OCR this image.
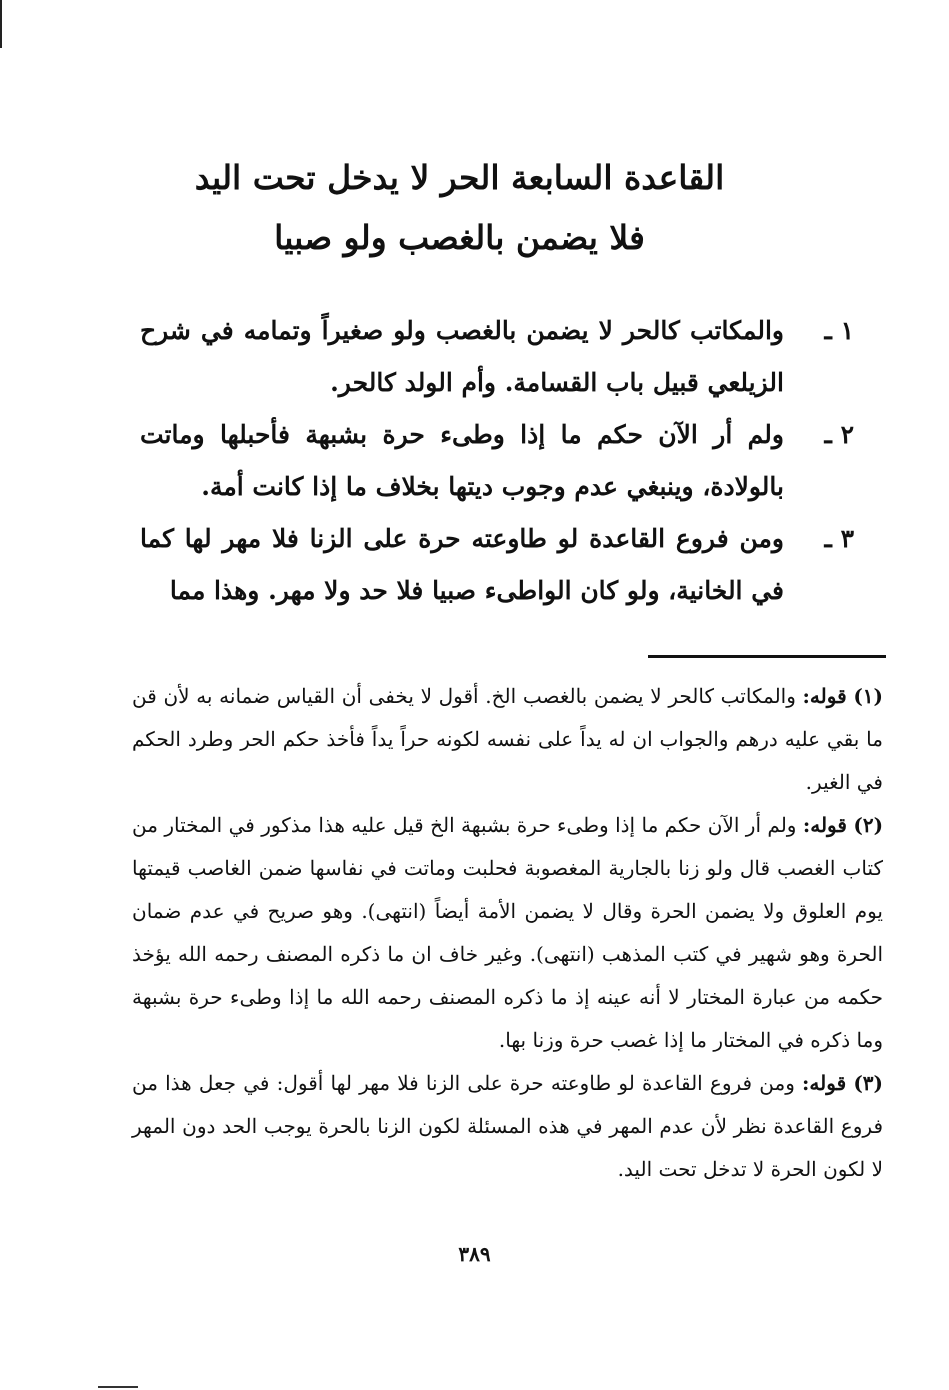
القاعدة السابعة الحر لا يدخل تحت اليد
فلا يضمن بالغصب ولو صبيا
١ ـ
والمكاتب كالحر لا يضمن بالغصب ولو صغيراً وتمامه في شرح الزيلعي قبيل باب القسامة. وأم الولد كالحر.
٢ ـ
ولم أر الآن حكم ما إذا وطىء حرة بشبهة فأحبلها وماتت بالولادة، وينبغي عدم وجوب ديتها بخلاف ما إذا كانت أمة.
٣ ـ
ومن فروع القاعدة لو طاوعته حرة على الزنا فلا مهر لها كما في الخانية، ولو كان الواطىء صبيا فلا حد ولا مهر. وهذا مما

(١) قوله: والمكاتب كالحر لا يضمن بالغصب الخ. أقول لا يخفى أن القياس ضمانه به لأن قن ما بقي عليه درهم والجواب ان له يداً على نفسه لكونه حراً يداً فأخذ حكم الحر وطرد الحكم في الغير.

(٢) قوله: ولم أر الآن حكم ما إذا وطىء حرة بشبهة الخ قيل عليه هذا مذكور في المختار من كتاب الغصب قال ولو زنا بالجارية المغصوبة فحلبت وماتت في نفاسها ضمن الغاصب قيمتها يوم العلوق ولا يضمن الحرة وقال لا يضمن الأمة أيضاً (انتهى). وهو صريح في عدم ضمان الحرة وهو شهير في كتب المذهب (انتهى). وغير خاف ان ما ذكره المصنف رحمه الله يؤخذ حكمه من عبارة المختار لا أنه عينه إذ ما ذكره المصنف رحمه الله ما إذا وطىء حرة بشبهة وما ذكره في المختار ما إذا غصب حرة وزنا بها.

(٣) قوله: ومن فروع القاعدة لو طاوعته حرة على الزنا فلا مهر لها أقول: في جعل هذا من فروع القاعدة نظر لأن عدم المهر في هذه المسئلة لكون الزنا بالحرة يوجب الحد دون المهر لا لكون الحرة لا تدخل تحت اليد.

٣٨٩
